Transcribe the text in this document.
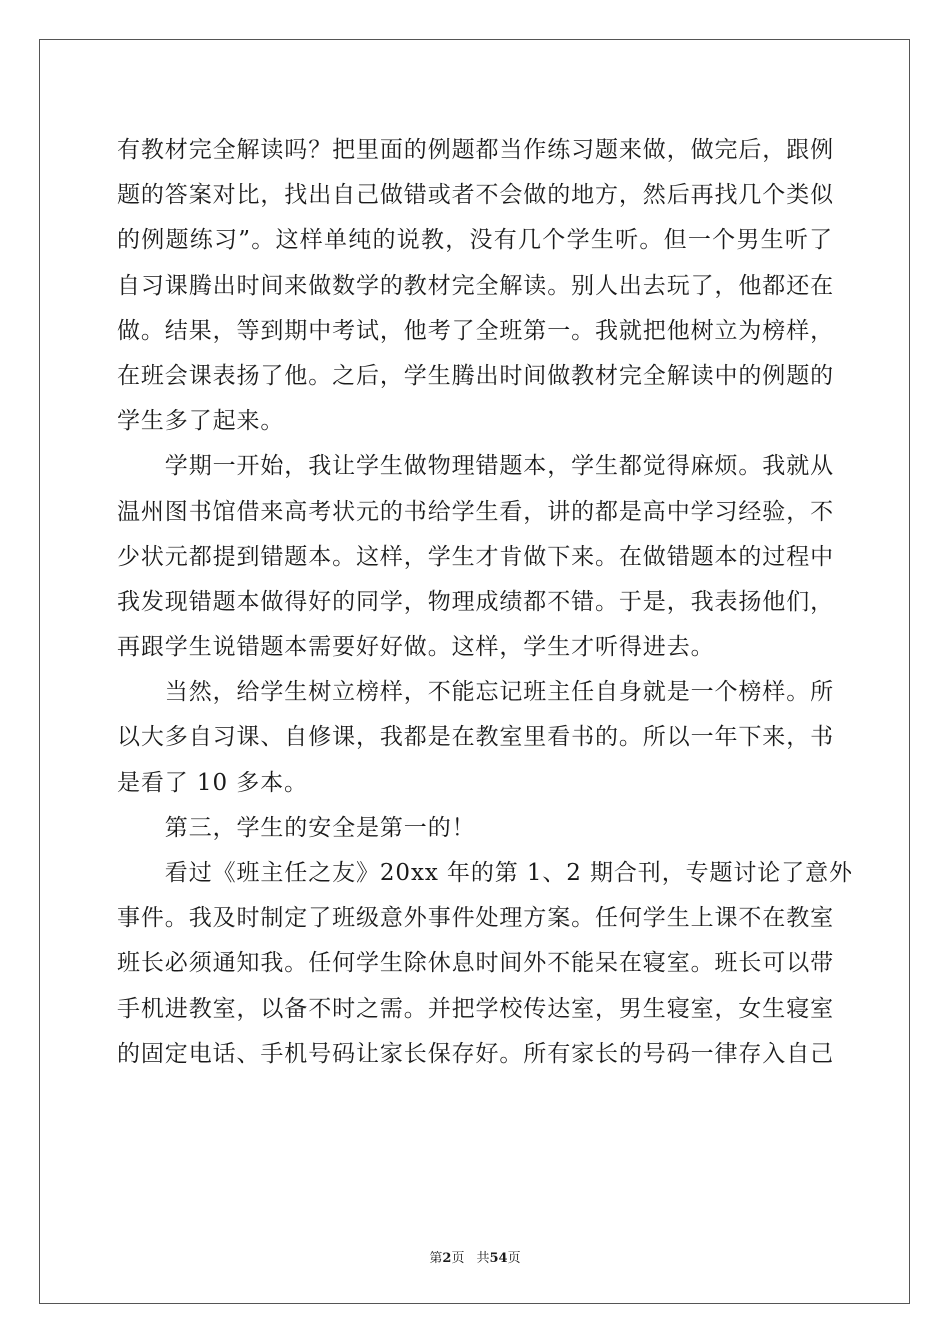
有教材完全解读吗？把里面的例题都当作练习题来做，做完后，跟例
题的答案对比，找出自己做错或者不会做的地方，然后再找几个类似
的例题练习”。这样单纯的说教，没有几个学生听。但一个男生听了
自习课腾出时间来做数学的教材完全解读。别人出去玩了，他都还在
做。结果，等到期中考试，他考了全班第一。我就把他树立为榜样，
在班会课表扬了他。之后，学生腾出时间做教材完全解读中的例题的
学生多了起来。
　　学期一开始，我让学生做物理错题本，学生都觉得麻烦。我就从
温州图书馆借来高考状元的书给学生看，讲的都是高中学习经验，不
少状元都提到错题本。这样，学生才肯做下来。在做错题本的过程中
我发现错题本做得好的同学，物理成绩都不错。于是，我表扬他们，
再跟学生说错题本需要好好做。这样，学生才听得进去。
　　当然，给学生树立榜样，不能忘记班主任自身就是一个榜样。所
以大多自习课、自修课，我都是在教室里看书的。所以一年下来，书
是看了 10 多本。
　　第三，学生的安全是第一的！
　　看过《班主任之友》20xx 年的第 1、2 期合刊，专题讨论了意外
事件。我及时制定了班级意外事件处理方案。任何学生上课不在教室
班长必须通知我。任何学生除休息时间外不能呆在寝室。班长可以带
手机进教室，以备不时之需。并把学校传达室，男生寝室，女生寝室
的固定电话、手机号码让家长保存好。所有家长的号码一律存入自己
第2页 共54页
